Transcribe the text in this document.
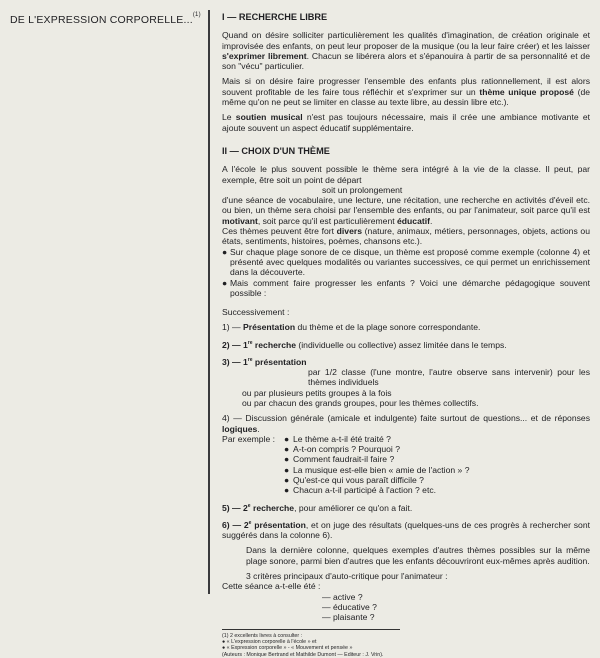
DE L'EXPRESSION CORPORELLE...$^{(1)}$ I — RECHERCHE LIBRE

Quand on désire solliciter particulièrement les qualités d'imagination, de création originale et improvisée des enfants, on peut leur proposer de la musique (ou la leur faire créer) et les laisser s'exprimer librement. Chacun se libérera alors et s'épanouira à partir de sa personnalité et de son "vécu" particulier.

Mais si on désire faire progresser l'ensemble des enfants plus rationnellement, il est alors souvent profitable de les faire tous réfléchir et s'exprimer sur un thème unique proposé (de même qu'on ne peut se limiter en classe au texte libre, au dessin libre etc.).

Le soutien musical n'est pas toujours nécessaire, mais il crée une ambiance motivante et ajoute souvent un aspect éducatif supplémentaire.

II — CHOIX D'UN THÈME

A l'école le plus souvent possible le thème sera intégré à la vie de la classe. Il peut, par exemple, être soit un point de départ

soit un prolongement

d'une séance de vocabulaire, une lecture, une récitation, une recherche en activités d'éveil etc. ou bien, un thème sera choisi par l'ensemble des enfants, ou par l'animateur, soit parce qu'il est motivant, soit parce qu'il est particulièrement éducatif.

Ces thèmes peuvent être fort divers (nature, animaux, métiers, personnages, objets, actions ou états, sentiments, histoires, poèmes, chansons etc.).

● Sur chaque plage sonore de ce disque, un thème est proposé comme exemple (colonne 4) et présenté avec quelques modalités ou variantes successives, ce qui permet un enrichissement dans la découverte.

● Mais comment faire progresser les enfants ? Voici une démarche pédagogique souvent possible :

Successivement :

1) — Présentation du thème et de la plage sonore correspondante.

2) — 1re recherche (individuelle ou collective) assez limitée dans le temps.

3) — 1re présentation

par 1/2 classe (l'une montre, l'autre observe sans intervenir) pour les thèmes individuels

ou par plusieurs petits groupes à la fois

ou par chacun des grands groupes, pour les thèmes collectifs.

4) — Discussion générale (amicale et indulgente) faite surtout de questions... et de réponses logiques.

Par exemple : ● Le thème a-t-il été traité ?
● A-t-on compris ? Pourquoi ?
● Comment faudrait-il faire ?
● La musique est-elle bien « amie de l'action » ?
● Qu'est-ce qui vous paraît difficile ?
● Chacun a-t-il participé à l'action ? etc.

5) — 2e recherche, pour améliorer ce qu'on a fait.

6) — 2e présentation, et on juge des résultats (quelques-uns de ces progrès à rechercher sont suggérés dans la colonne 6).

Dans la dernière colonne, quelques exemples d'autres thèmes possibles sur la même plage sonore, parmi bien d'autres que les enfants découvriront eux-mêmes après audition.

3 critères principaux d'auto-critique pour l'animateur :

Cette séance a-t-elle été :

— active ?

— éducative ?

— plaisante ?

(1) 2 excellents livres à consulter :
● « L'expression corporelle à l'école » et
● « Expression corporelle » - « Mouvement et pensée »
(Auteurs : Monique Bertrand et Mathilde Dumont — Editeur : J. Vrin).
